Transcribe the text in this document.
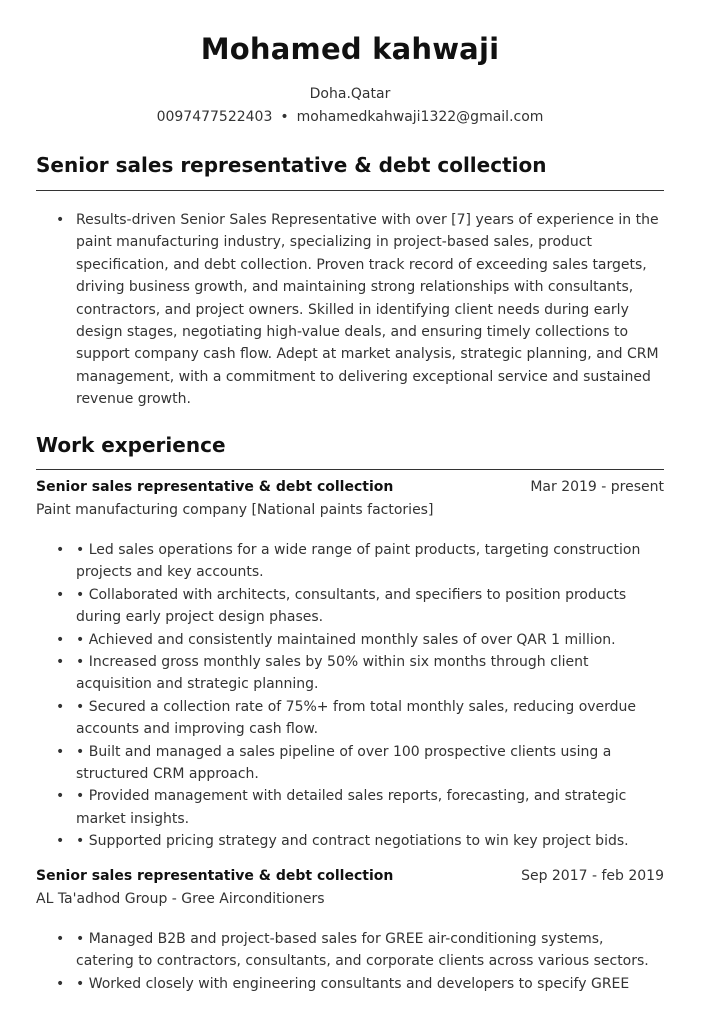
Mohamed kahwaji
Doha.Qatar
0097477522403 • mohamedkahwaji1322@gmail.com
Senior sales representative & debt collection
• Results-driven Senior Sales Representative with over [7] years of experience in the paint manufacturing industry, specializing in project-based sales, product specification, and debt collection. Proven track record of exceeding sales targets, driving business growth, and maintaining strong relationships with consultants, contractors, and project owners. Skilled in identifying client needs during early design stages, negotiating high-value deals, and ensuring timely collections to support company cash flow. Adept at market analysis, strategic planning, and CRM management, with a commitment to delivering exceptional service and sustained revenue growth.
Work experience
Senior sales representative & debt collection	Mar 2019 - present
Paint manufacturing company [National paints factories]
• • Led sales operations for a wide range of paint products, targeting construction projects and key accounts.
• • Collaborated with architects, consultants, and specifiers to position products during early project design phases.
• • Achieved and consistently maintained monthly sales of over QAR 1 million.
• • Increased gross monthly sales by 50% within six months through client acquisition and strategic planning.
• • Secured a collection rate of 75%+ from total monthly sales, reducing overdue accounts and improving cash flow.
• • Built and managed a sales pipeline of over 100 prospective clients using a structured CRM approach.
• • Provided management with detailed sales reports, forecasting, and strategic market insights.
• • Supported pricing strategy and contract negotiations to win key project bids.
Senior sales representative & debt collection	Sep 2017 - feb 2019
AL Ta'adhod Group - Gree Airconditioners
• • Managed B2B and project-based sales for GREE air-conditioning systems, catering to contractors, consultants, and corporate clients across various sectors.
• • Worked closely with engineering consultants and developers to specify GREE
